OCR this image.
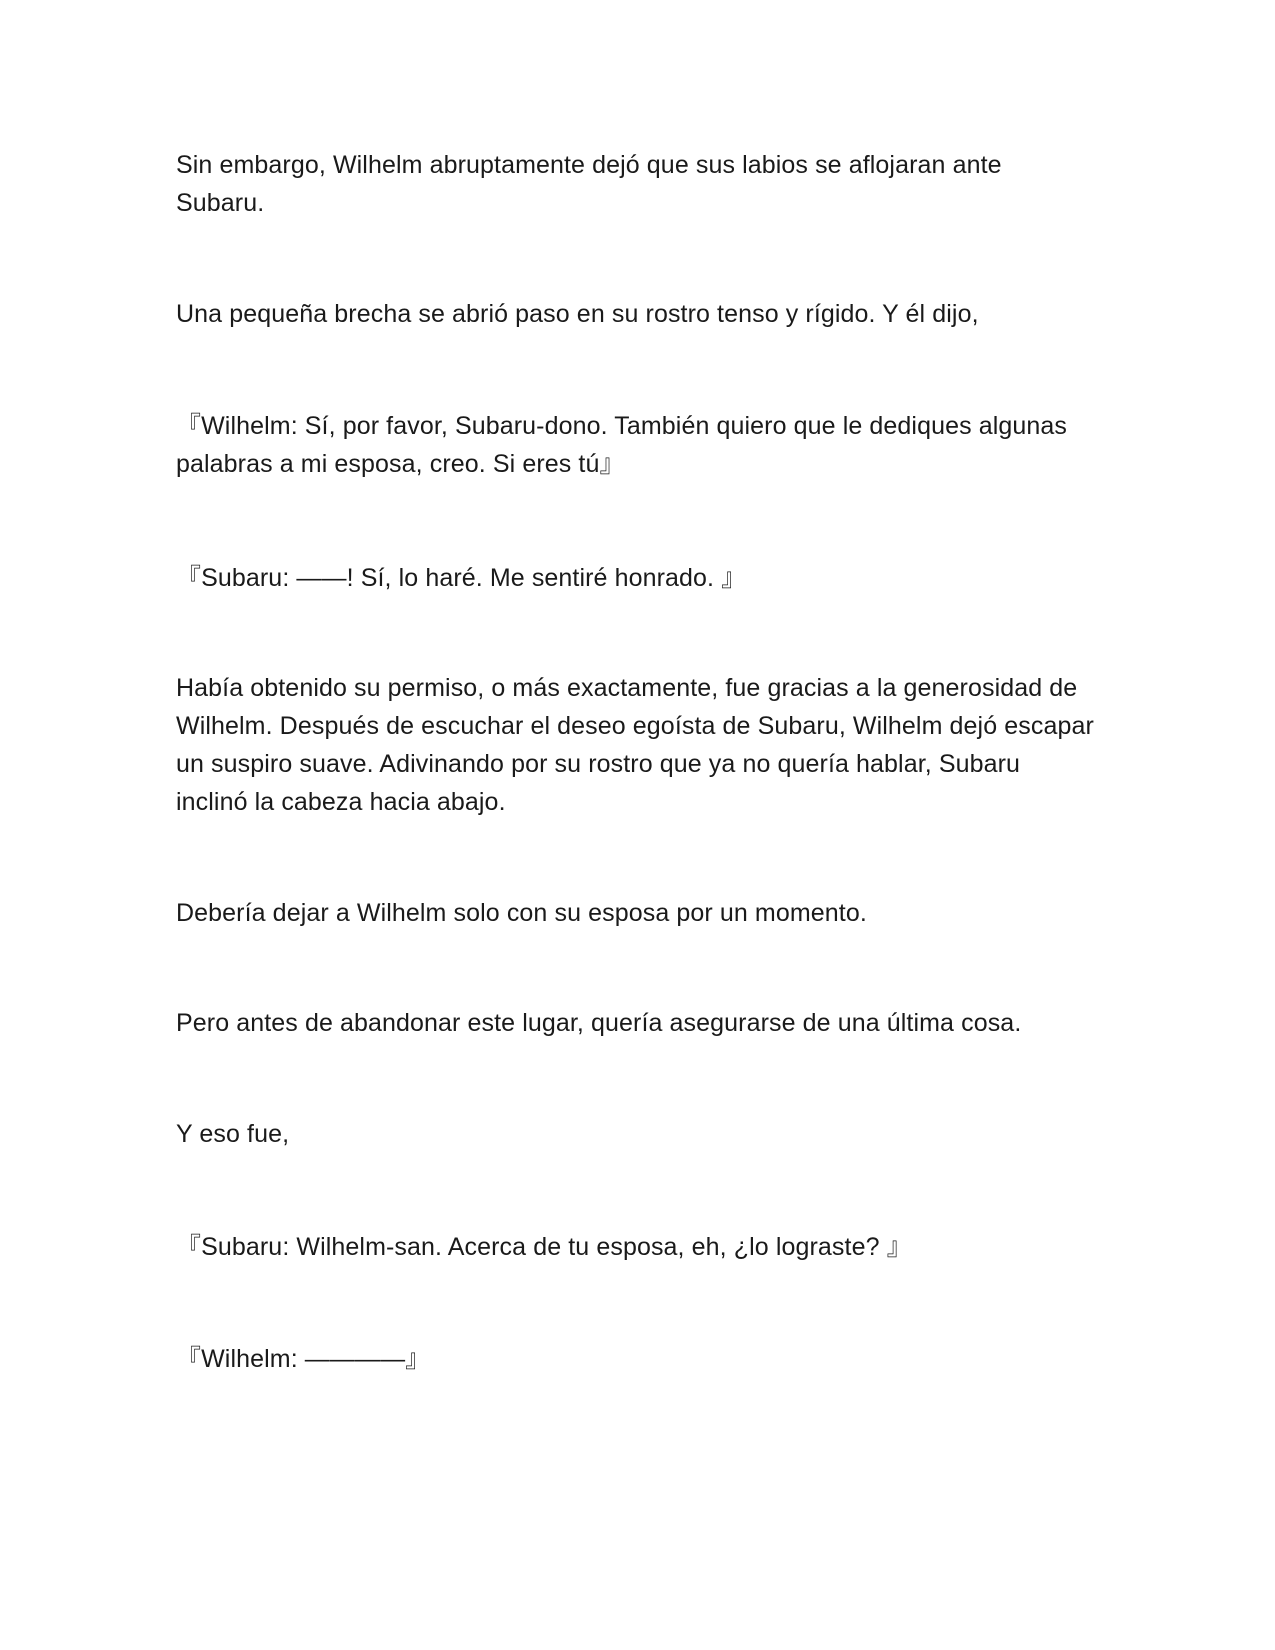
Sin embargo, Wilhelm abruptamente dejó que sus labios se aflojaran ante Subaru.

Una pequeña brecha se abrió paso en su rostro tenso y rígido. Y él dijo,

『Wilhelm: Sí, por favor, Subaru-dono. También quiero que le dediques algunas palabras a mi esposa, creo. Si eres tú』

『Subaru: ——! Sí, lo haré. Me sentiré honrado. 』

Había obtenido su permiso, o más exactamente, fue gracias a la generosidad de Wilhelm. Después de escuchar el deseo egoísta de Subaru, Wilhelm dejó escapar un suspiro suave. Adivinando por su rostro que ya no quería hablar, Subaru inclinó la cabeza hacia abajo.

Debería dejar a Wilhelm solo con su esposa por un momento.

Pero antes de abandonar este lugar, quería asegurarse de una última cosa.

Y eso fue,

『Subaru: Wilhelm-san. Acerca de tu esposa, eh, ¿lo lograste? 』

『Wilhelm: ————』
